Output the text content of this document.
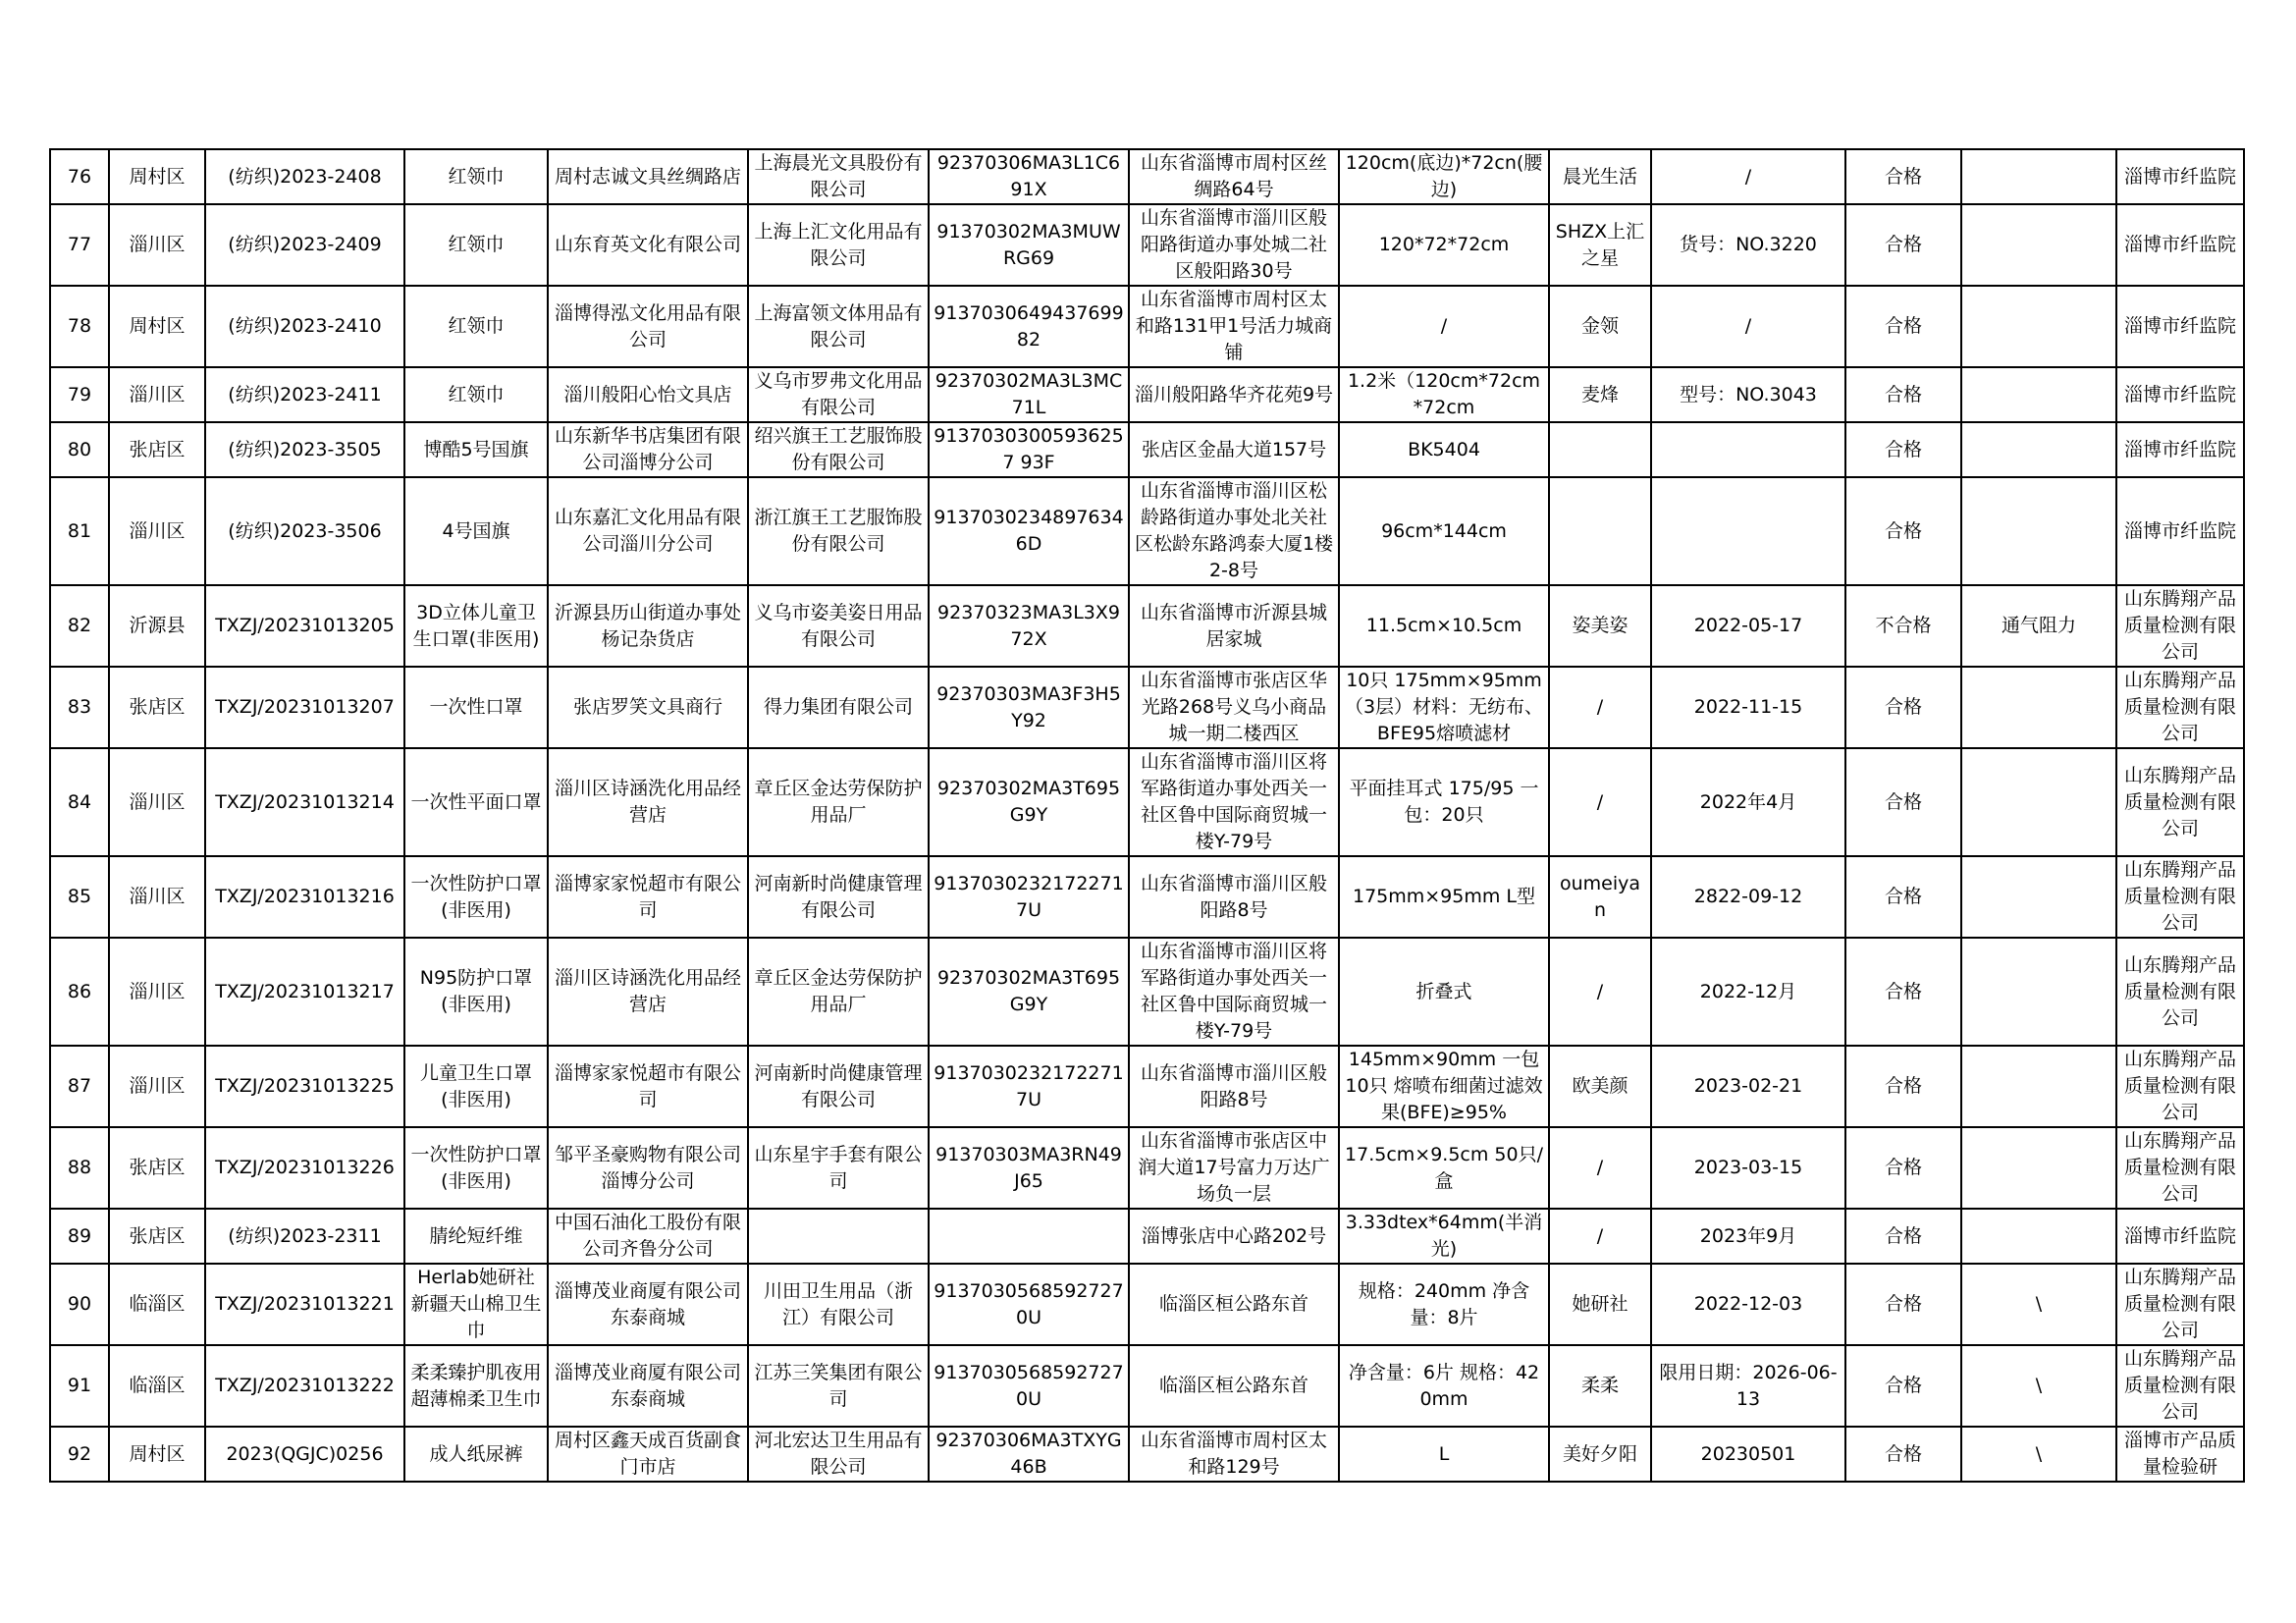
76	周村区	(纺织)2023-2408	红领巾	周村志诚文具丝绸路店	上海晨光文具股份有限公司	92370306MA3L1C691X	山东省淄博市周村区丝绸路64号	120cm(底边)*72cn(腰边)	晨光生活	/	合格		淄博市纤监院

77	淄川区	(纺织)2023-2409	红领巾	山东育英文化有限公司	上海上汇文化用品有限公司	91370302MA3MUWRG69	山东省淄博市淄川区般阳路街道办事处城二社区般阳路30号	120*72*72cm	SHZX上汇之星	货号：NO.3220	合格		淄博市纤监院

78	周村区	(纺织)2023-2410	红领巾	淄博得泓文化用品有限公司	上海富领文体用品有限公司	913703064943769982	山东省淄博市周村区太和路131甲1号活力城商铺	/	金领	/	合格		淄博市纤监院

79	淄川区	(纺织)2023-2411	红领巾	淄川般阳心怡文具店	义乌市罗弗文化用品有限公司	92370302MA3L3MC71L	淄川般阳路华齐花苑9号	1.2米（120cm*72cm*72cm	麦烽	型号：NO.3043	合格		淄博市纤监院

80	张店区	(纺织)2023-3505	博酷5号国旗	山东新华书店集团有限公司淄博分公司	绍兴旗王工艺服饰股份有限公司	91370303005936257 93F	张店区金晶大道157号	BK5404			合格		淄博市纤监院

81	淄川区	(纺织)2023-3506	4号国旗	山东嘉汇文化用品有限公司淄川分公司	浙江旗王工艺服饰股份有限公司	91370302348976346D	山东省淄博市淄川区松龄路街道办事处北关社区松龄东路鸿泰大厦1楼2-8号	96cm*144cm			合格		淄博市纤监院

82	沂源县	TXZJ/20231013205	3D立体儿童卫生口罩(非医用)	沂源县历山街道办事处杨记杂货店	义乌市姿美姿日用品有限公司	92370323MA3L3X972X	山东省淄博市沂源县城居家城	11.5cm×10.5cm	姿美姿	2022-05-17	不合格	通气阻力	山东腾翔产品质量检测有限公司

83	张店区	TXZJ/20231013207	一次性口罩	张店罗笑文具商行	得力集团有限公司	92370303MA3F3H5Y92	山东省淄博市张店区华光路268号义乌小商品城一期二楼西区	10只 175mm×95mm（3层）材料：无纺布、BFE95熔喷滤材	/	2022-11-15	合格		山东腾翔产品质量检测有限公司

84	淄川区	TXZJ/20231013214	一次性平面口罩	淄川区诗涵洗化用品经营店	章丘区金达劳保防护用品厂	92370302MA3T695G9Y	山东省淄博市淄川区将军路街道办事处西关一社区鲁中国际商贸城一楼Y-79号	平面挂耳式 175/95 一包：20只	/	2022年4月	合格		山东腾翔产品质量检测有限公司

85	淄川区	TXZJ/20231013216	一次性防护口罩(非医用)	淄博家家悦超市有限公司	河南新时尚健康管理有限公司	91370302321722717U	山东省淄博市淄川区般阳路8号	175mm×95mm L型	oumeiyan	2822-09-12	合格		山东腾翔产品质量检测有限公司

86	淄川区	TXZJ/20231013217	N95防护口罩(非医用)	淄川区诗涵洗化用品经营店	章丘区金达劳保防护用品厂	92370302MA3T695G9Y	山东省淄博市淄川区将军路街道办事处西关一社区鲁中国际商贸城一楼Y-79号	折叠式	/	2022-12月	合格		山东腾翔产品质量检测有限公司

87	淄川区	TXZJ/20231013225	儿童卫生口罩(非医用)	淄博家家悦超市有限公司	河南新时尚健康管理有限公司	91370302321722717U	山东省淄博市淄川区般阳路8号	145mm×90mm 一包10只 熔喷布细菌过滤效果(BFE)≥95%	欧美颜	2023-02-21	合格		山东腾翔产品质量检测有限公司

88	张店区	TXZJ/20231013226	一次性防护口罩(非医用)	邹平圣豪购物有限公司淄博分公司	山东星宇手套有限公司	91370303MA3RN49J65	山东省淄博市张店区中润大道17号富力万达广场负一层	17.5cm×9.5cm 50只/盒	/	2023-03-15	合格		山东腾翔产品质量检测有限公司

89	张店区	(纺织)2023-2311	腈纶短纤维	中国石油化工股份有限公司齐鲁分公司			淄博张店中心路202号	3.33dtex*64mm(半消光)	/	2023年9月	合格		淄博市纤监院

90	临淄区	TXZJ/20231013221	Herlab她研社新疆天山棉卫生巾	淄博茂业商厦有限公司东泰商城	川田卫生用品（浙江）有限公司	91370305685927270U	临淄区桓公路东首	规格：240mm 净含量：8片	她研社	2022-12-03	合格	\	山东腾翔产品质量检测有限公司

91	临淄区	TXZJ/20231013222	柔柔臻护肌夜用超薄棉柔卫生巾	淄博茂业商厦有限公司东泰商城	江苏三笑集团有限公司	91370305685927270U	临淄区桓公路东首	净含量：6片 规格：420mm	柔柔	限用日期：2026-06-13	合格	\	山东腾翔产品质量检测有限公司

92	周村区	2023(QGJC)0256	成人纸尿裤	周村区鑫天成百货副食门市店	河北宏达卫生用品有限公司	92370306MA3TXYG46B	山东省淄博市周村区太和路129号	L	美好夕阳	20230501	合格	\	淄博市产品质量检验研
